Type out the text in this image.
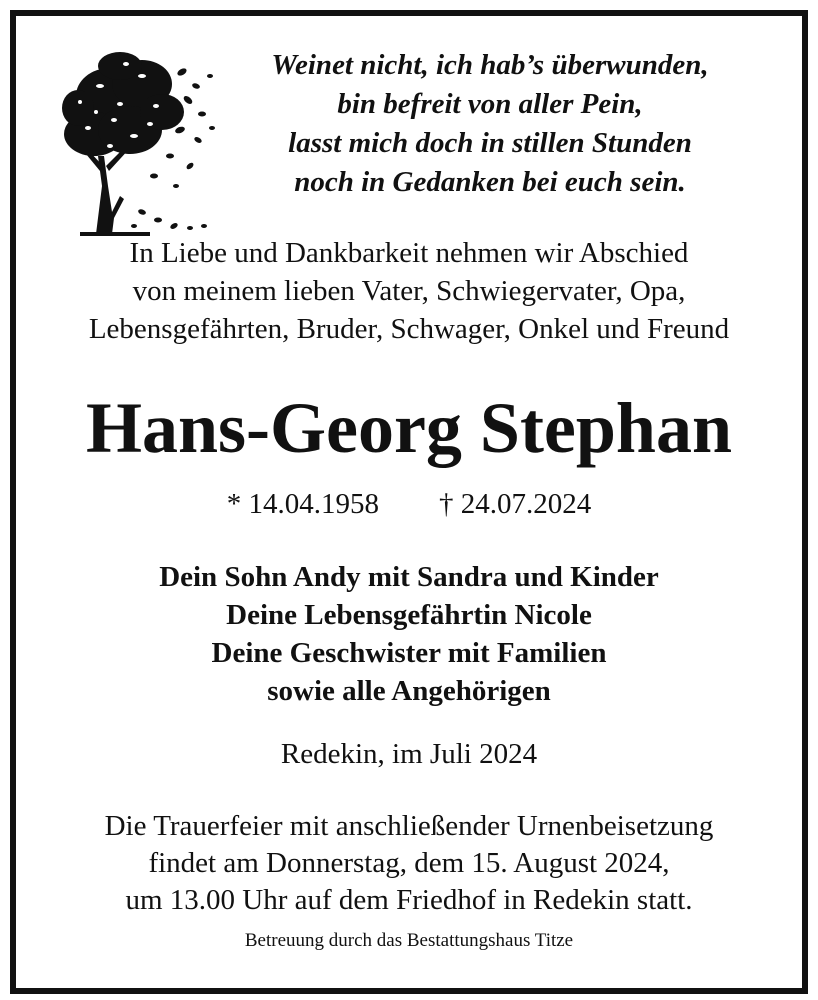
Weinet nicht, ich hab’s überwunden,
bin befreit von aller Pein,
lasst mich doch in stillen Stunden
noch in Gedanken bei euch sein.
In Liebe und Dankbarkeit nehmen wir Abschied
von meinem lieben Vater, Schwiegervater, Opa,
Lebensgefährten, Bruder, Schwager, Onkel und Freund
Hans-Georg Stephan
* 14.04.1958 † 24.07.2024
Dein Sohn Andy mit Sandra und Kinder
Deine Lebensgefährtin Nicole
Deine Geschwister mit Familien
sowie alle Angehörigen
Redekin, im Juli 2024
Die Trauerfeier mit anschließender Urnenbeisetzung
findet am Donnerstag, dem 15. August 2024,
um 13.00 Uhr auf dem Friedhof in Redekin statt.
Betreuung durch das Bestattungshaus Titze
